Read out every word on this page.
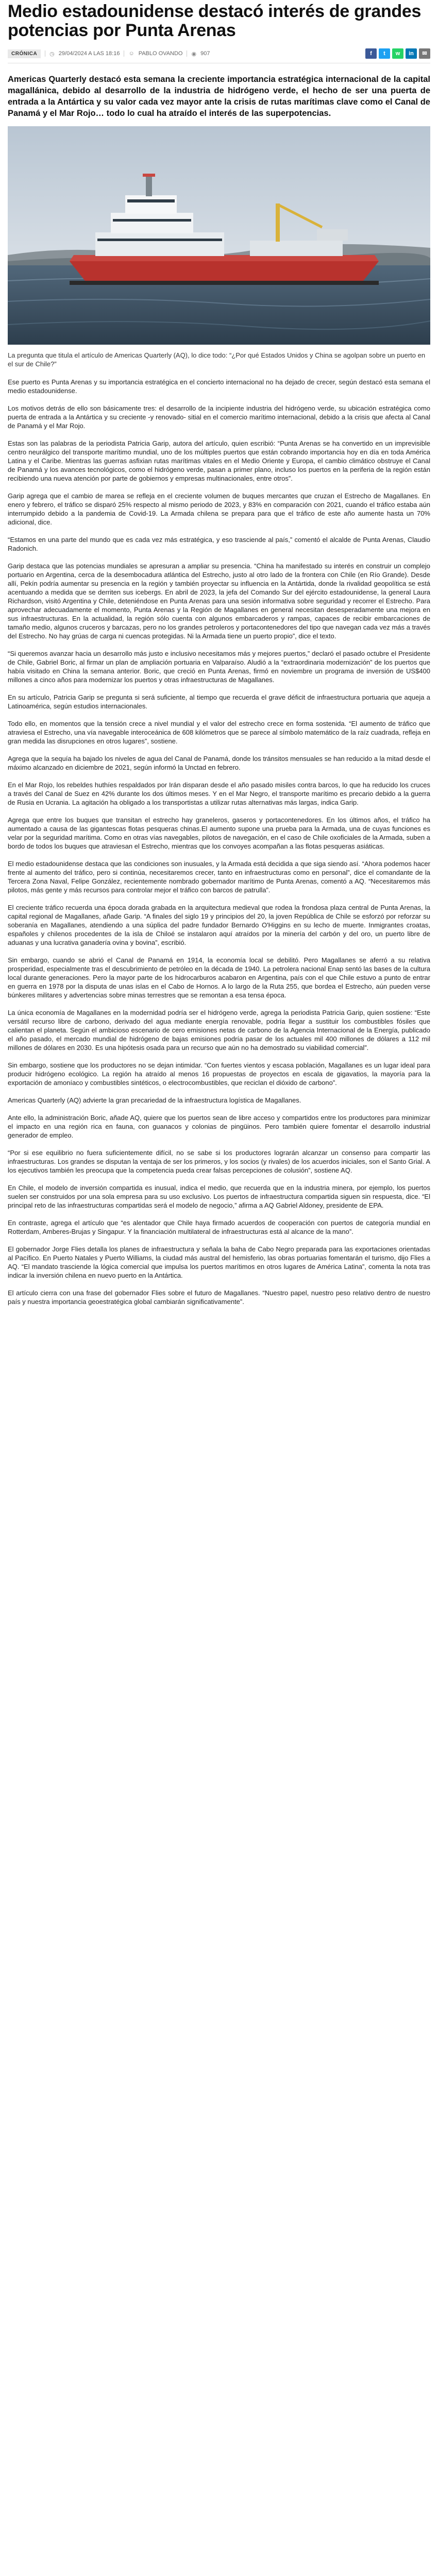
Medio estadounidense destacó interés de grandes potencias por Punta Arenas
CRÓNICA	◷ 29/04/2024 A LAS 18:16 ☺ PABLO OVANDO ◉ 907	f	t	w	in	✉

Americas Quarterly destacó esta semana la creciente importancia estratégica internacional de la capital magallánica, debido al desarrollo de la industria de hidrógeno verde, el hecho de ser una puerta de entrada a la Antártica y su valor cada vez mayor ante la crisis de rutas marítimas clave como el Canal de Panamá y el Mar Rojo… todo lo cual ha atraído el interés de las superpotencias.

La pregunta que titula el artículo de Americas Quarterly (AQ), lo dice todo: “¿Por qué Estados Unidos y China se agolpan sobre un puerto en el sur de Chile?”

Ese puerto es Punta Arenas y su importancia estratégica en el concierto internacional no ha dejado de crecer, según destacó esta semana el medio estadounidense.

Los motivos detrás de ello son básicamente tres: el desarrollo de la incipiente industria del hidrógeno verde, su ubicación estratégica como puerta de entrada a la Antártica y su creciente -y renovado- sitial en el comercio marítimo internacional, debido a la crisis que afecta al Canal de Panamá y el Mar Rojo.

Estas son las palabras de la periodista Patricia Garip, autora del artículo, quien escribió: “Punta Arenas se ha convertido en un imprevisible centro neurálgico del transporte marítimo mundial, uno de los múltiples puertos que están cobrando importancia hoy en día en toda América Latina y el Caribe. Mientras las guerras asfixian rutas marítimas vitales en el Medio Oriente y Europa, el cambio climático obstruye el Canal de Panamá y los avances tecnológicos, como el hidrógeno verde, pasan a primer plano, incluso los puertos en la periferia de la región están recibiendo una nueva atención por parte de gobiernos y empresas multinacionales, entre otros”.

Garip agrega que el cambio de marea se refleja en el creciente volumen de buques mercantes que cruzan el Estrecho de Magallanes. En enero y febrero, el tráfico se disparó 25% respecto al mismo periodo de 2023, y 83% en comparación con 2021, cuando el tráfico estaba aún interrumpido debido a la pandemia de Covid-19. La Armada chilena se prepara para que el tráfico de este año aumente hasta un 70% adicional, dice.

“Estamos en una parte del mundo que es cada vez más estratégica, y eso trasciende al país,” comentó el alcalde de Punta Arenas, Claudio Radonich.

Garip destaca que las potencias mundiales se apresuran a ampliar su presencia. “China ha manifestado su interés en construir un complejo portuario en Argentina, cerca de la desembocadura atlántica del Estrecho, justo al otro lado de la frontera con Chile (en Río Grande). Desde allí, Pekín podría aumentar su presencia en la región y también proyectar su influencia en la Antártida, donde la rivalidad geopolítica se está acentuando a medida que se derriten sus icebergs. En abril de 2023, la jefa del Comando Sur del ejército estadounidense, la general Laura Richardson, visitó Argentina y Chile, deteniéndose en Punta Arenas para una sesión informativa sobre seguridad y recorrer el Estrecho. Para aprovechar adecuadamente el momento, Punta Arenas y la Región de Magallanes en general necesitan desesperadamente una mejora en sus infraestructuras. En la actualidad, la región sólo cuenta con algunos embarcaderos y rampas, capaces de recibir embarcaciones de tamaño medio, algunos cruceros y barcazas, pero no los grandes petroleros y portacontenedores del tipo que navegan cada vez más a través del Estrecho. No hay grúas de carga ni cuencas protegidas. Ni la Armada tiene un puerto propio”, dice el texto.

“Si queremos avanzar hacia un desarrollo más justo e inclusivo necesitamos más y mejores puertos,” declaró el pasado octubre el Presidente de Chile, Gabriel Boric, al firmar un plan de ampliación portuaria en Valparaíso. Aludió a la “extraordinaria modernización” de los puertos que había visitado en China la semana anterior. Boric, que creció en Punta Arenas, firmó en noviembre un programa de inversión de US$400 millones a cinco años para modernizar los puertos y otras infraestructuras de Magallanes.

En su artículo, Patricia Garip se pregunta si será suficiente, al tiempo que recuerda el grave déficit de infraestructura portuaria que aqueja a Latinoamérica, según estudios internacionales.

Todo ello, en momentos que la tensión crece a nivel mundial y el valor del estrecho crece en forma sostenida. “El aumento de tráfico que atraviesa el Estrecho, una vía navegable interoceánica de 608 kilómetros que se parece al símbolo matemático de la raíz cuadrada, refleja en gran medida las disrupciones en otros lugares”, sostiene.

Agrega que la sequía ha bajado los niveles de agua del Canal de Panamá, donde los tránsitos mensuales se han reducido a la mitad desde el máximo alcanzado en diciembre de 2021, según informó la Unctad en febrero.

En el Mar Rojo, los rebeldes huthíes respaldados por Irán disparan desde el año pasado misiles contra barcos, lo que ha reducido los cruces a través del Canal de Suez en 42% durante los dos últimos meses. Y en el Mar Negro, el transporte marítimo es precario debido a la guerra de Rusia en Ucrania. La agitación ha obligado a los transportistas a utilizar rutas alternativas más largas, indica Garip.

Agrega que entre los buques que transitan el estrecho hay graneleros, gaseros y portacontenedores. En los últimos años, el tráfico ha aumentado a causa de las gigantescas flotas pesqueras chinas.El aumento supone una prueba para la Armada, una de cuyas funciones es velar por la seguridad marítima. Como en otras vías navegables, pilotos de navegación, en el caso de Chile oxoficiales de la Armada, suben a bordo de todos los buques que atraviesan el Estrecho, mientras que los convoyes acompañan a las flotas pesqueras asiáticas.

El medio estadounidense destaca que las condiciones son inusuales, y la Armada está decidida a que siga siendo así. “Ahora podemos hacer frente al aumento del tráfico, pero si continúa, necesitaremos crecer, tanto en infraestructuras como en personal”, dice el comandante de la Tercera Zona Naval, Felipe González, recientemente nombrado gobernador marítimo de Punta Arenas, comentó a AQ. “Necesitaremos más pilotos, más gente y más recursos para controlar mejor el tráfico con barcos de patrulla”.

El creciente tráfico recuerda una época dorada grabada en la arquitectura medieval que rodea la frondosa plaza central de Punta Arenas, la capital regional de Magallanes, añade Garip. “A finales del siglo 19 y principios del 20, la joven República de Chile se esforzó por reforzar su soberanía en Magallanes, atendiendo a una súplica del padre fundador Bernardo O'Higgins en su lecho de muerte. Inmigrantes croatas, españoles y chilenos procedentes de la isla de Chiloé se instalaron aquí atraídos por la minería del carbón y del oro, un puerto libre de aduanas y una lucrativa ganadería ovina y bovina”, escribió.

Sin embargo, cuando se abrió el Canal de Panamá en 1914, la economía local se debilitó. Pero Magallanes se aferró a su relativa prosperidad, especialmente tras el descubrimiento de petróleo en la década de 1940. La petrolera nacional Enap sentó las bases de la cultura local durante generaciones. Pero la mayor parte de los hidrocarburos acabaron en Argentina, país con el que Chile estuvo a punto de entrar en guerra en 1978 por la disputa de unas islas en el Cabo de Hornos. A lo largo de la Ruta 255, que bordea el Estrecho, aún pueden verse búnkeres militares y advertencias sobre minas terrestres que se remontan a esa tensa época.

La única economía de Magallanes en la modernidad podría ser el hidrógeno verde, agrega la periodista Patricia Garip, quien sostiene: “Este versátil recurso libre de carbono, derivado del agua mediante energía renovable, podría llegar a sustituir los combustibles fósiles que calientan el planeta. Según el ambicioso escenario de cero emisiones netas de carbono de la Agencia Internacional de la Energía, publicado el año pasado, el mercado mundial de hidrógeno de bajas emisiones podría pasar de los actuales mil 400 millones de dólares a 112 mil millones de dólares en 2030. Es una hipótesis osada para un recurso que aún no ha demostrado su viabilidad comercial”.

Sin embargo, sostiene que los productores no se dejan intimidar. “Con fuertes vientos y escasa población, Magallanes es un lugar ideal para producir hidrógeno ecológico. La región ha atraído al menos 16 propuestas de proyectos en escala de gigavatios, la mayoría para la exportación de amoníaco y combustibles sintéticos, o electrocombustibles, que reciclan el dióxido de carbono”.

Americas Quarterly (AQ) advierte la gran precariedad de la infraestructura logística de Magallanes.

Ante ello, la administración Boric, añade AQ, quiere que los puertos sean de libre acceso y compartidos entre los productores para minimizar el impacto en una región rica en fauna, con guanacos y colonias de pingüinos. Pero también quiere fomentar el desarrollo industrial generador de empleo.

“Por si ese equilibrio no fuera suficientemente difícil, no se sabe si los productores lograrán alcanzar un consenso para compartir las infraestructuras. Los grandes se disputan la ventaja de ser los primeros, y los socios (y rivales) de los acuerdos iniciales, son el Santo Grial. A los ejecutivos también les preocupa que la competencia pueda crear falsas percepciones de colusión”, sostiene AQ.

En Chile, el modelo de inversión compartida es inusual, indica el medio, que recuerda que en la industria minera, por ejemplo, los puertos suelen ser construidos por una sola empresa para su uso exclusivo. Los puertos de infraestructura compartida siguen sin respuesta, dice. “El principal reto de las infraestructuras compartidas será el modelo de negocio,” afirma a AQ Gabriel Aldoney, presidente de EPA.

En contraste, agrega el artículo que “es alentador que Chile haya firmado acuerdos de cooperación con puertos de categoría mundial en Rotterdam, Amberes-Brujas y Singapur. Y la financiación multilateral de infraestructuras está al alcance de la mano”.

El gobernador Jorge Flies detalla los planes de infraestructura y señala la baha de Cabo Negro preparada para las exportaciones orientadas al Pacífico. En Puerto Natales y Puerto Williams, la ciudad más austral del hemisferio, las obras portuarias fomentarán el turismo, dijo Flies a AQ. “El mandato trasciende la lógica comercial que impulsa los puertos marítimos en otros lugares de América Latina”, comenta la nota tras indicar la inversión chilena en nuevo puerto en la Antártica.

El artículo cierra con una frase del gobernador Flies sobre el futuro de Magallanes. “Nuestro papel, nuestro peso relativo dentro de nuestro país y nuestra importancia geoestratégica global cambiarán significativamente”.
